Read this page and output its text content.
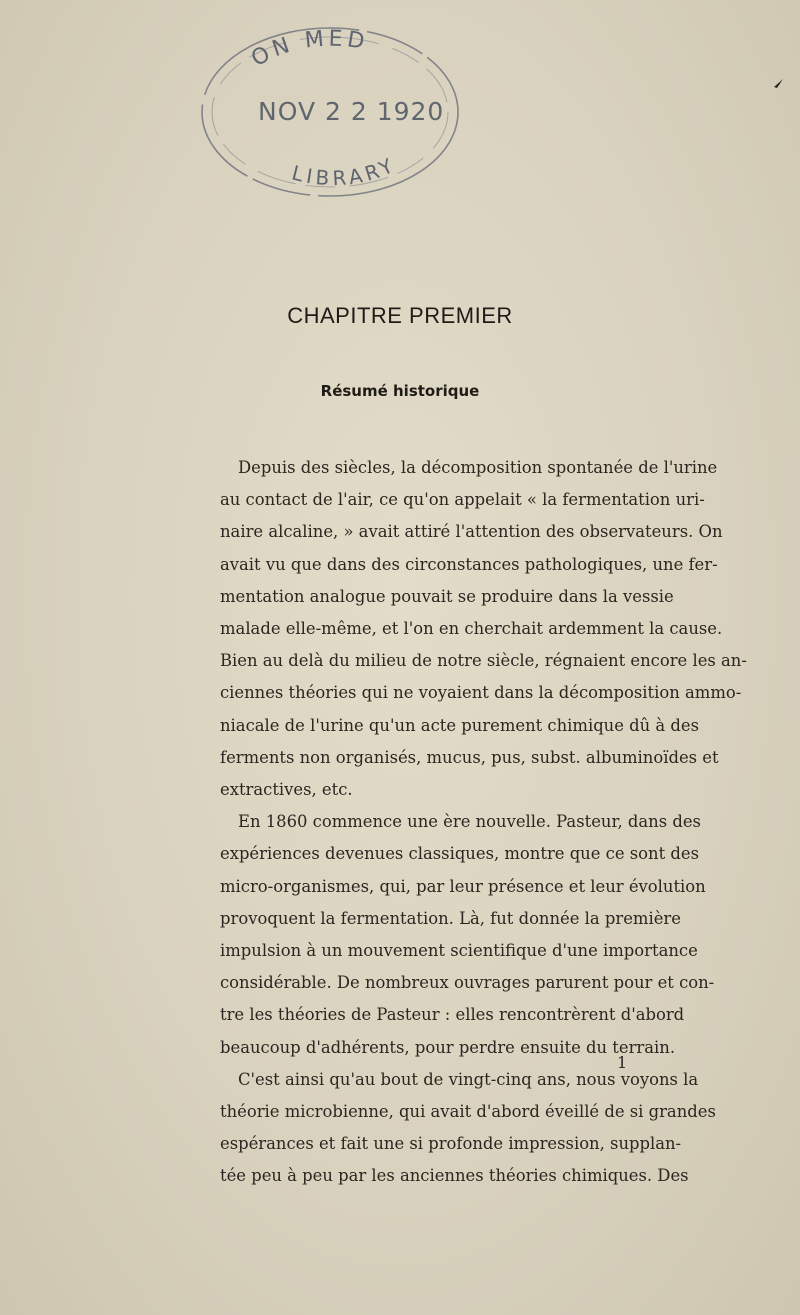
ON MED
NOV 2 2 1920
LIBRARY
CHAPITRE PREMIER
Résumé historique
Depuis des siècles, la décomposition spontanée de l'urine
au contact de l'air, ce qu'on appelait « la fermentation uri-
naire alcaline, » avait attiré l'attention des observateurs. On
avait vu que dans des circonstances pathologiques, une fer-
mentation analogue pouvait se produire dans la vessie
malade elle-même, et l'on en cherchait ardemment la cause.
Bien au delà du milieu de notre siècle, régnaient encore les an-
ciennes théories qui ne voyaient dans la décomposition ammo-
niacale de l'urine qu'un acte purement chimique dû à des
ferments non organisés, mucus, pus, subst. albuminoïdes et
extractives, etc.
En 1860 commence une ère nouvelle. Pasteur, dans des
expériences devenues classiques, montre que ce sont des
micro-organismes, qui, par leur présence et leur évolution
provoquent la fermentation. Là, fut donnée la première
impulsion à un mouvement scientifique d'une importance
considérable. De nombreux ouvrages parurent pour et con-
tre les théories de Pasteur : elles rencontrèrent d'abord
beaucoup d'adhérents, pour perdre ensuite du terrain.
C'est ainsi qu'au bout de vingt-cinq ans, nous voyons la
théorie microbienne, qui avait d'abord éveillé de si grandes
espérances et fait une si profonde impression, supplan-
tée peu à peu par les anciennes théories chimiques. Des
1
